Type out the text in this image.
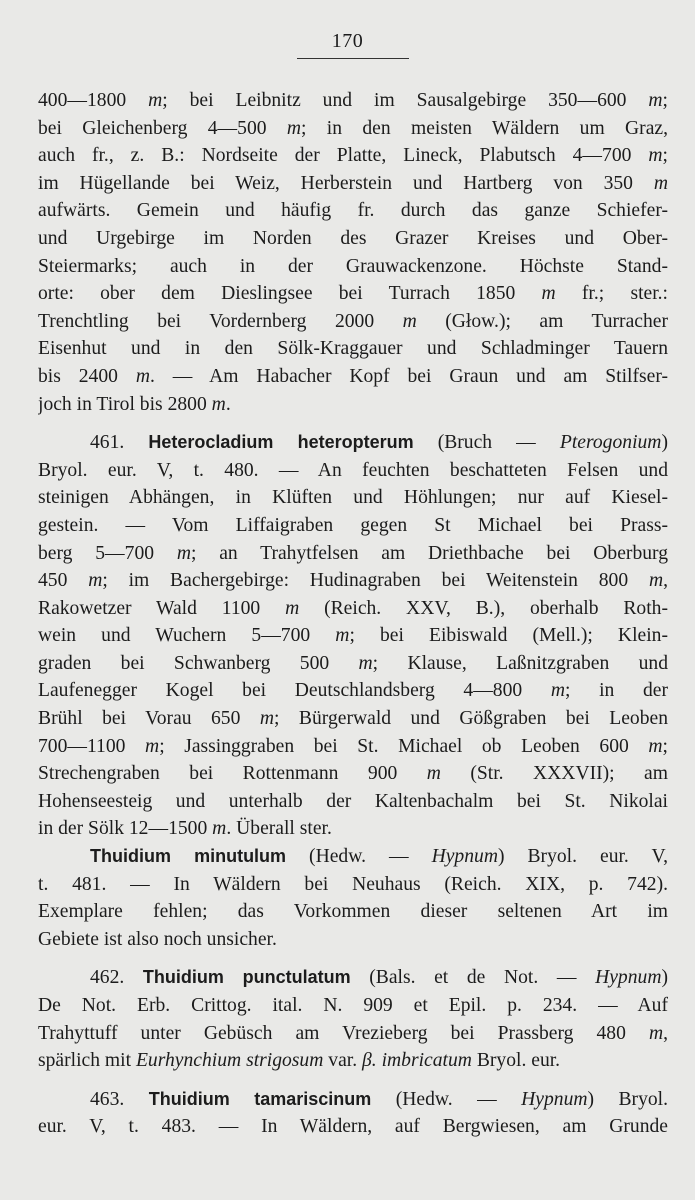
170
400—1800 m; bei Leibnitz und im Sausalgebirge 350—600 m;
bei Gleichenberg 4—500 m; in den meisten Wäldern um Graz,
auch fr., z. B.: Nordseite der Platte, Lineck, Plabutsch 4—700 m;
im Hügellande bei Weiz, Herberstein und Hartberg von 350 m
aufwärts. Gemein und häufig fr. durch das ganze Schiefer-
und Urgebirge im Norden des Grazer Kreises und Ober-
Steiermarks; auch in der Grauwackenzone. Höchste Stand-
orte: ober dem Dieslingsee bei Turrach 1850 m fr.; ster.:
Trenchtling bei Vordernberg 2000 m (Głow.); am Turracher
Eisenhut und in den Sölk-Kraggauer und Schladminger Tauern
bis 2400 m. — Am Habacher Kopf bei Graun und am Stilfser-
joch in Tirol bis 2800 m.
461. Heterocladium heteropterum (Bruch — Pterogonium)
Bryol. eur. V, t. 480. — An feuchten beschatteten Felsen und
steinigen Abhängen, in Klüften und Höhlungen; nur auf Kiesel-
gestein. — Vom Liffaigraben gegen St Michael bei Prass-
berg 5—700 m; an Trahytfelsen am Driethbache bei Oberburg
450 m; im Bachergebirge: Hudinagraben bei Weitenstein 800 m,
Rakowetzer Wald 1100 m (Reich. XXV, B.), oberhalb Roth-
wein und Wuchern 5—700 m; bei Eibiswald (Mell.); Klein-
graden bei Schwanberg 500 m; Klause, Laßnitzgraben und
Laufenegger Kogel bei Deutschlandsberg 4—800 m; in der
Brühl bei Vorau 650 m; Bürgerwald und Gößgraben bei Leoben
700—1100 m; Jassinggraben bei St. Michael ob Leoben 600 m;
Strechengraben bei Rottenmann 900 m (Str. XXXVII); am
Hohenseesteig und unterhalb der Kaltenbachalm bei St. Nikolai
in der Sölk 12—1500 m. Überall ster.
Thuidium minutulum (Hedw. — Hypnum) Bryol. eur. V,
t. 481. — In Wäldern bei Neuhaus (Reich. XIX, p. 742).
Exemplare fehlen; das Vorkommen dieser seltenen Art im
Gebiete ist also noch unsicher.
462. Thuidium punctulatum (Bals. et de Not. — Hypnum)
De Not. Erb. Crittog. ital. N. 909 et Epil. p. 234. — Auf
Trahyttuff unter Gebüsch am Vrezieberg bei Prassberg 480 m,
spärlich mit Eurhynchium strigosum var. β. imbricatum Bryol. eur.
463. Thuidium tamariscinum (Hedw. — Hypnum) Bryol.
eur. V, t. 483. — In Wäldern, auf Bergwiesen, am Grunde
